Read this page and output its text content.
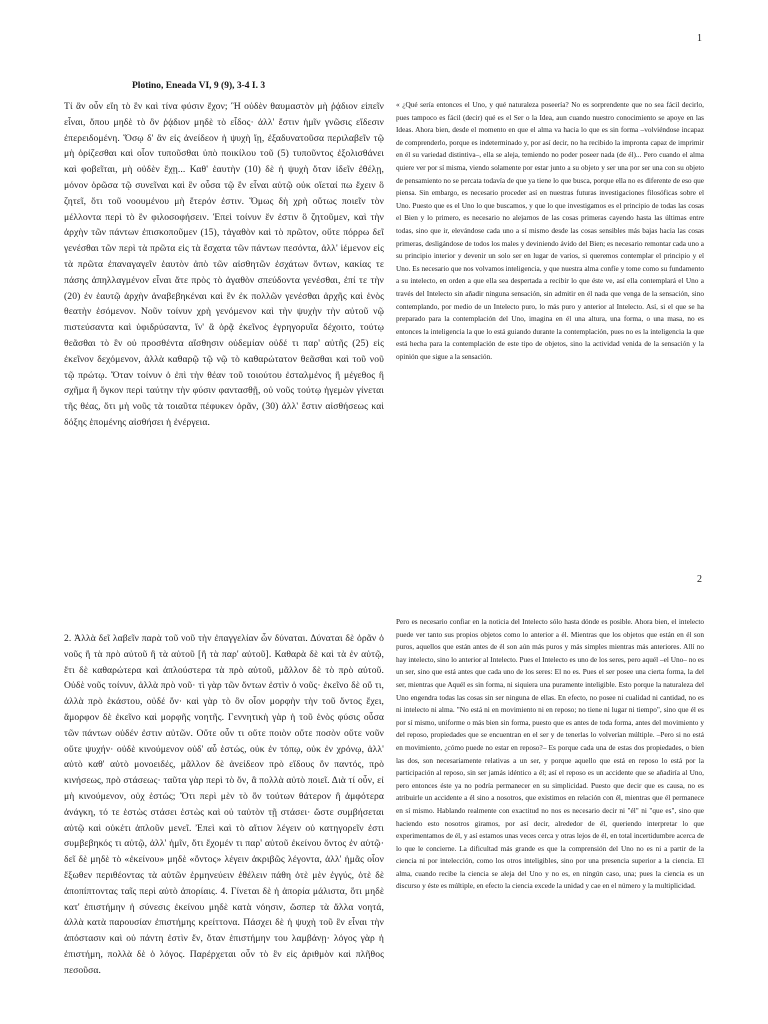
1
Plotino, Eneada VI, 9 (9), 3-4 I. 3

Τί ἂν οὖν εἴη τὸ ἓν καὶ τίνα φύσιν ἔχον; Ἢ οὐδὲν θαυμαστὸν μὴ ῥᾴδιον εἰπεῖν εἶναι, ὅπου μηδὲ τὸ ὂν ῥᾴδιον μηδὲ τὸ εἶδος· ἀλλ' ἔστιν ἡμῖν γνῶσις εἴδεσιν ἐπερειδομένη. Ὅσῳ δ' ἂν εἰς ἀνείδεον ἡ ψυχὴ ἴῃ, ἐξαδυνατοῦσα περιλαβεῖν τῷ μὴ ὁρίζεσθαι καὶ οἷον τυποῦσθαι ὑπὸ ποικίλου τοῦ (5) τυποῦντος ἐξολισθάνει καὶ φοβεῖται, μὴ οὐδὲν ἔχῃ... Καθ' ἑαυτὴν (10) δὲ ἡ ψυχὴ ὅταν ἰδεῖν ἐθέλῃ, μόνον ὁρῶσα τῷ συνεῖναι καὶ ἓν οὖσα τῷ ἓν εἶναι αὐτῷ οὐκ οἴεταί πω ἔχειν ὃ ζητεῖ, ὅτι τοῦ νοουμένου μὴ ἕτερόν ἐστιν. Ὅμως δὴ χρὴ οὕτως ποιεῖν τὸν μέλλοντα περὶ τὸ ἓν φιλοσοφήσειν. Ἐπεὶ τοίνυν ἕν ἐστιν ὃ ζητοῦμεν, καὶ τὴν ἀρχὴν τῶν πάντων ἐπισκοποῦμεν (15), τἀγαθὸν καὶ τὸ πρῶτον, οὔτε πόρρω δεῖ γενέσθαι τῶν περὶ τὰ πρῶτα εἰς τὰ ἔσχατα τῶν πάντων πεσόντα, ἀλλ' ἱέμενον εἰς τὰ πρῶτα ἐπαναγαγεῖν ἑαυτὸν ἀπὸ τῶν αἰσθητῶν ἐσχάτων ὄντων, κακίας τε πάσης ἀπηλλαγμένον εἶναι ἅτε πρὸς τὸ ἀγαθὸν σπεύδοντα γενέσθαι, ἐπί τε τὴν (20) ἐν ἑαυτῷ ἀρχὴν ἀναβεβηκέναι καὶ ἓν ἐκ πολλῶν γενέσθαι ἀρχῆς καὶ ἑνὸς θεατὴν ἐσόμενον. Νοῦν τοίνυν χρὴ γενόμενον καὶ τὴν ψυχὴν τὴν αὐτοῦ νῷ πιστεύσαντα καὶ ὑφιδρύσαντα, ἵν' ἃ ὁρᾷ ἐκεῖνος ἐγρηγορυῖα δέχοιτο, τούτῳ θεᾶσθαι τὸ ἓν οὐ προσθέντα αἴσθησιν οὐδεμίαν οὐδέ τι παρ' αὐτῆς (25) εἰς ἐκεῖνον δεχόμενον, ἀλλὰ καθαρῷ τῷ νῷ τὸ καθαρώτατον θεᾶσθαι καὶ τοῦ νοῦ τῷ πρώτῳ. Ὅταν τοίνυν ὁ ἐπὶ τὴν θέαν τοῦ τοιούτου ἐσταλμένος ἢ μέγεθος ἢ σχῆμα ἢ ὄγκον περὶ ταύτην τὴν φύσιν φαντασθῇ, οὐ νοῦς τούτῳ ἡγεμὼν γίνεται τῆς θέας, ὅτι μὴ νοῦς τὰ τοιαῦτα πέφυκεν ὁρᾶν, (30) ἀλλ' ἔστιν αἰσθήσεως καὶ δόξης ἑπομένης αἰσθήσει ἡ ἐνέργεια.

« ¿Qué sería entonces el Uno, y qué naturaleza poseería? No es sorprendente que no sea fácil decirlo, pues tampoco es fácil (decir) qué es el Ser o la Idea, aun cuando nuestro conocimiento se apoye en las Ideas. Ahora bien, desde el momento en que el alma va hacia lo que es sin forma –volviéndose incapaz de comprenderlo, porque es indeterminado y, por así decir, no ha recibido la impronta capaz de imprimir en él su variedad distintiva–, ella se aleja, temiendo no poder poseer nada (de él)... Pero cuando el alma quiere ver por sí misma, viendo solamente por estar junto a su objeto y ser una por ser una con su objeto de pensamiento no se percata todavía de que ya tiene lo que busca, porque ella no es diferente de eso que piensa. Sin embargo, es necesario proceder así en nuestras futuras investigaciones filosóficas sobre el Uno. Puesto que es el Uno lo que buscamos, y que lo que investigamos es el principio de todas las cosas el Bien y lo primero, es necesario no alejarnos de las cosas primeras cayendo hasta las últimas entre todas, sino que ir, elevándose cada uno a sí mismo desde las cosas sensibles más bajas hacia las cosas primeras, desligándose de todos los males y deviniendo ávido del Bien; es necesario remontar cada uno a su principio interior y devenir un solo ser en lugar de varios, si queremos contemplar el principio y el Uno. Es necesario que nos volvamos inteligencia, y que nuestra alma confíe y tome como su fundamento a su intelecto, en orden a que ella sea despertada a recibir lo que éste ve, así ella contemplará el Uno a través del Intelecto sin añadir ninguna sensación, sin admitir en él nada que venga de la sensación, sino contemplando, por medio de un Intelecto puro, lo más puro y anterior al Intelecto. Así, si el que se ha preparado para la contemplación del Uno, imagina en él una altura, una forma, o una masa, no es entonces la inteligencia la que lo está guiando durante la contemplación, pues no es la inteligencia la que está hecha para la contemplación de este tipo de objetos, sino la actividad venida de la sensación y la opinión que sigue a la sensación.

2

2. Ἀλλὰ δεῖ λαβεῖν παρὰ τοῦ νοῦ τὴν ἐπαγγελίαν ὧν δύναται. Δύναται δὲ ὁρᾶν ὁ νοῦς ἢ τὰ πρὸ αὐτοῦ ἢ τὰ αὐτοῦ [ἢ τὰ παρ' αὐτοῦ]. Καθαρὰ δὲ καὶ τὰ ἐν αὐτῷ, ἔτι δὲ καθαρώτερα καὶ ἁπλούστερα τὰ πρὸ αὐτοῦ, μᾶλλον δὲ τὸ πρὸ αὐτοῦ. Οὐδὲ νοῦς τοίνυν, ἀλλὰ πρὸ νοῦ· τὶ γὰρ τῶν ὄντων ἐστὶν ὁ νοῦς· ἐκεῖνο δὲ οὔ τι, ἀλλὰ πρὸ ἑκάστου, οὐδέ ὄν· καὶ γὰρ τὸ ὂν οἷον μορφὴν τὴν τοῦ ὄντος ἔχει, ἄμορφον δὲ ἐκεῖνο καὶ μορφῆς νοητῆς. Γεννητικὴ γὰρ ἡ τοῦ ἑνὸς φύσις οὖσα τῶν πάντων οὐδέν ἐστιν αὐτῶν. Οὔτε οὖν τι οὔτε ποιὸν οὔτε ποσὸν οὔτε νοῦν οὔτε ψυχήν· οὐδὲ κινούμενον οὐδ' αὖ ἑστώς, οὐκ ἐν τόπῳ, οὐκ ἐν χρόνῳ, ἀλλ' αὐτὸ καθ' αὐτὸ μονοειδές, μᾶλλον δὲ ἀνείδεον πρὸ εἴδους ὂν παντός, πρὸ κινήσεως, πρὸ στάσεως· ταῦτα γὰρ περὶ τὸ ὄν, ἃ πολλὰ αὐτὸ ποιεῖ. Διὰ τί οὖν, εἰ μὴ κινούμενον, οὐχ ἑστώς; Ὅτι περὶ μὲν τὸ ὂν τούτων θάτερον ἢ ἀμφότερα ἀνάγκη, τό τε ἑστὼς στάσει ἑστὼς καὶ οὐ ταὐτὸν τῇ στάσει· ὥστε συμβήσεται αὐτῷ καὶ οὐκέτι ἁπλοῦν μενεῖ. Ἐπεὶ καὶ τὸ αἴτιον λέγειν οὐ κατηγορεῖν ἐστι συμβεβηκός τι αὐτῷ, ἀλλ' ἡμῖν, ὅτι ἔχομέν τι παρ' αὐτοῦ ἐκείνου ὄντος ἐν αὑτῷ· δεῖ δὲ μηδὲ τὸ «ἐκείνου» μηδὲ «ὄντος» λέγειν ἀκριβῶς λέγοντα, ἀλλ' ἡμᾶς οἷον ἔξωθεν περιθέοντας τὰ αὐτῶν ἑρμηνεύειν ἐθέλειν πάθη ὁτὲ μὲν ἐγγύς, ὁτὲ δὲ ἀποπίπτοντας ταῖς περὶ αὐτὸ ἀπορίαις. 4. Γίνεται δὲ ἡ ἀπορία μάλιστα, ὅτι μηδὲ κατ' ἐπιστήμην ἡ σύνεσις ἐκείνου μηδὲ κατὰ νόησιν, ὥσπερ τὰ ἄλλα νοητά, ἀλλὰ κατὰ παρουσίαν ἐπιστήμης κρείττονα. Πάσχει δὲ ἡ ψυχὴ τοῦ ἓν εἶναι τὴν ἀπόστασιν καὶ οὐ πάντη ἐστὶν ἕν, ὅταν ἐπιστήμην του λαμβάνῃ· λόγος γὰρ ἡ ἐπιστήμη, πολλὰ δὲ ὁ λόγος. Παρέρχεται οὖν τὸ ἓν εἰς ἀριθμὸν καὶ πλῆθος πεσοῦσα.

Pero es necesario confiar en la noticia del Intelecto sólo hasta dónde es posible. Ahora bien, el intelecto puede ver tanto sus propios objetos como lo anterior a él. Mientras que los objetos que están en él son puros, aquellos que están antes de él son aún más puros y más simples mientras más anteriores. Allí no hay intelecto, sino lo anterior al Intelecto. Pues el Intelecto es uno de los seres, pero aquél –el Uno– no es un ser, sino que está antes que cada uno de los seres: El no es. Pues el ser posee una cierta forma, la del ser, mientras que Aquél es sin forma, ni siquiera una puramente inteligible. Esto porque la naturaleza del Uno engendra todas las cosas sin ser ninguna de ellas. En efecto, no posee ni cualidad ni cantidad, no es ni intelecto ni alma. "No está ni en movimiento ni en reposo; no tiene ni lugar ni tiempo", sino que él es por sí mismo, uniforme o más bien sin forma, puesto que es antes de toda forma, antes del movimiento y del reposo, propiedades que se encuentran en el ser y de tenerlas lo volverían múltiple. –Pero si no está en movimiento, ¿cómo puede no estar en reposo?– Es porque cada una de estas dos propiedades, o bien las dos, son necesariamente relativas a un ser, y porque aquello que está en reposo lo está por la participación al reposo, sin ser jamás idéntico a él; así el reposo es un accidente que se añadiría al Uno, pero entonces éste ya no podría permanecer en su simplicidad. Puesto que decir que es causa, no es atribuirle un accidente a él sino a nosotros, que existimos en relación con él, mientras que él permanece en sí mismo. Hablando realmente con exactitud no nos es necesario decir ni "él" ni "que es", sino que haciendo esto nosotros giramos, por así decir, alrededor de él, queriendo interpretar lo que experimentamos de él, y así estamos unas veces cerca y otras lejos de él, en total incertidumbre acerca de lo que le concierne. La dificultad más grande es que la comprensión del Uno no es ni a partir de la ciencia ni por intelección, como los otros inteligibles, sino por una presencia superior a la ciencia. El alma, cuando recibe la ciencia se aleja del Uno y no es, en ningún caso, una; pues la ciencia es un discurso y éste es múltiple, en efecto la ciencia excede la unidad y cae en el número y la multiplicidad.
